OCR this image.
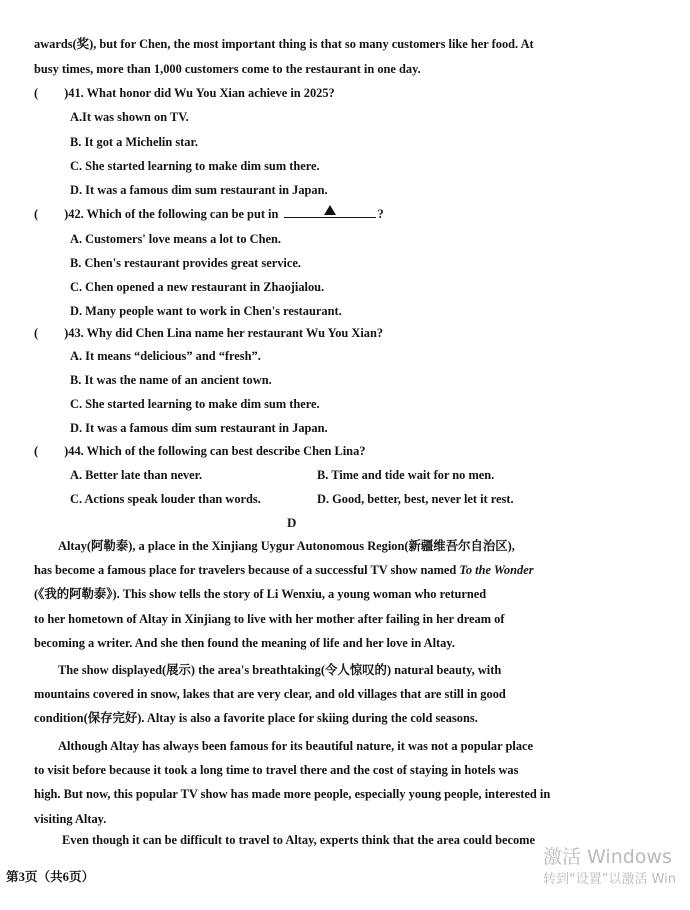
awards(奖), but for Chen, the most important thing is that so many customers like her food. At
busy times, more than 1,000 customers come to the restaurant in one day.
( )41. What honor did Wu You Xian achieve in 2025?
A.It was shown on TV.
B. It got a Michelin star.
C. She started learning to make dim sum there.
D. It was a famous dim sum restaurant in Japan.
( )42. Which of the following can be put in	?
A. Customers' love means a lot to Chen.
B. Chen's restaurant provides great service.
C. Chen opened a new restaurant in Zhaojialou.
D. Many people want to work in Chen's restaurant.
( )43. Why did Chen Lina name her restaurant Wu You Xian?
A. It means “delicious” and “fresh”.
B. It was the name of an ancient town.
C. She started learning to make dim sum there.
D. It was a famous dim sum restaurant in Japan.
( )44. Which of the following can best describe Chen Lina?
A. Better late than never.	B. Time and tide wait for no men.
C. Actions speak louder than words.	D. Good, better, best, never let it rest.
D
Altay(阿勒泰), a place in the Xinjiang Uygur Autonomous Region(新疆维吾尔自治区),
has become a famous place for travelers because of a successful TV show named To the Wonder
(《我的阿勒泰》). This show tells the story of Li Wenxiu, a young woman who returned
to her hometown of Altay in Xinjiang to live with her mother after failing in her dream of
becoming a writer. And she then found the meaning of life and her love in Altay.
The show displayed(展示) the area's breathtaking(令人惊叹的) natural beauty, with
mountains covered in snow, lakes that are very clear, and old villages that are still in good
condition(保存完好). Altay is also a favorite place for skiing during the cold seasons.
Although Altay has always been famous for its beautiful nature, it was not a popular place
to visit before because it took a long time to travel there and the cost of staying in hotels was
high. But now, this popular TV show has made more people, especially young people, interested in
visiting Altay.
Even though it can be difficult to travel to Altay, experts think that the area could become
第3页（共6页）
激活 Windows
转到“设置”以激活 Win
